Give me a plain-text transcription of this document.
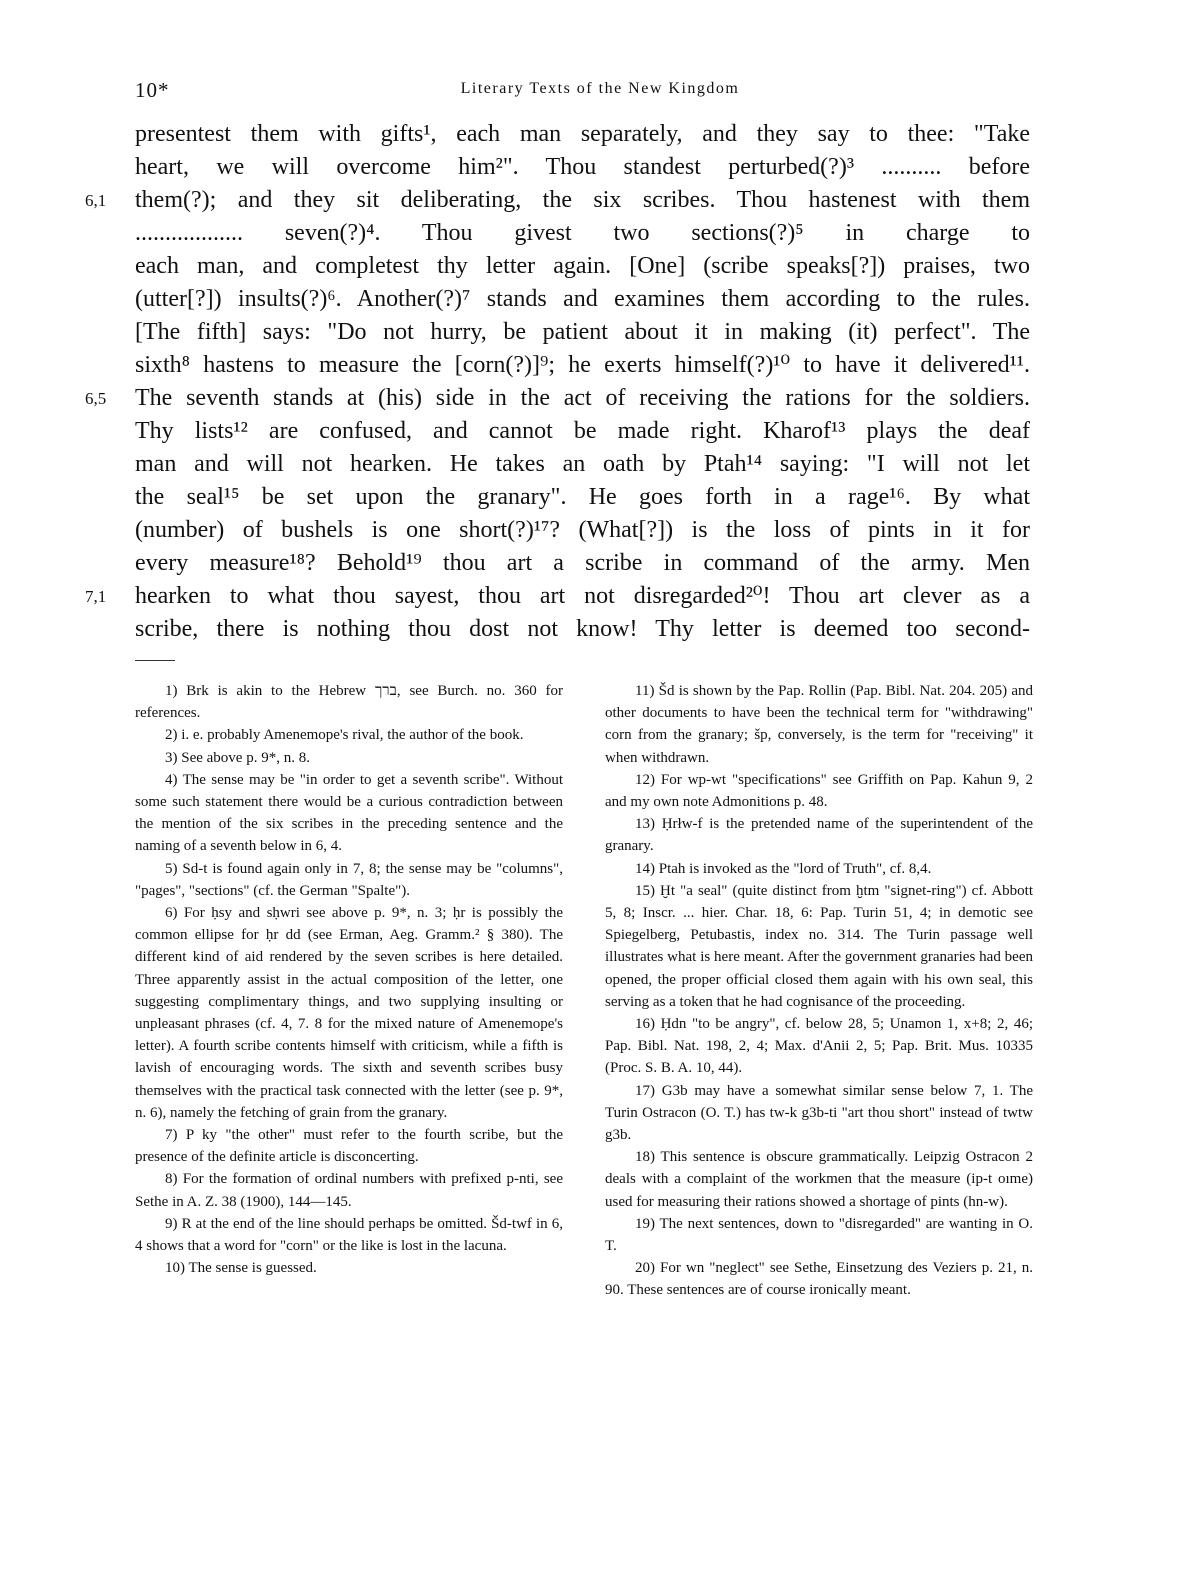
10*	Literary Texts of the New Kingdom
presentest them with gifts¹, each man separately, and they say to thee: "Take
heart, we will overcome him²". Thou standest perturbed(?)³ .......... before
6,1 them(?); and they sit deliberating, the six scribes. Thou hastenest with them
.................. seven(?)⁴. Thou givest two sections(?)⁵ in charge to
each man, and completest thy letter again. [One] (scribe speaks[?]) praises, two
(utter[?]) insults(?)⁶. Another(?)⁷ stands and examines them according to the rules.
[The fifth] says: "Do not hurry, be patient about it in making (it) perfect". The
sixth⁸ hastens to measure the [corn(?)]⁹; he exerts himself(?)¹⁰ to have it delivered¹¹.
6,5 The seventh stands at (his) side in the act of receiving the rations for the soldiers.
Thy lists¹² are confused, and cannot be made right. Kharof¹³ plays the deaf
man and will not hearken. He takes an oath by Ptah¹⁴ saying: "I will not let
the seal¹⁵ be set upon the granary". He goes forth in a rage¹⁶. By what
(number) of bushels is one short(?)¹⁷? (What[?]) is the loss of pints in it for
every measure¹⁸? Behold¹⁹ thou art a scribe in command of the army. Men
7,1 hearken to what thou sayest, thou art not disregarded²⁰! Thou art clever as a
scribe, there is nothing thou dost not know! Thy letter is deemed too second-

1) Brk is akin to the Hebrew ברך, see Burch. no. 360 for references.

2) i. e. probably Amenemope's rival, the author of the book.

3) See above p. 9*, n. 8.

4) The sense may be "in order to get a seventh scribe". Without some such statement there would be a curious contradiction between the mention of the six scribes in the preceding sentence and the naming of a seventh below in 6, 4.

5) Sd-t is found again only in 7, 8; the sense may be "columns", "pages", "sections" (cf. the German "Spalte").

6) For ḥsy and sḥwri see above p. 9*, n. 3; ḥr is possibly the common ellipse for ḥr dd (see Erman, Aeg. Gramm.² § 380). The different kind of aid rendered by the seven scribes is here detailed. Three apparently assist in the actual composition of the letter, one suggesting complimentary things, and two supplying insulting or unpleasant phrases (cf. 4, 7. 8 for the mixed nature of Amenemope's letter). A fourth scribe contents himself with criticism, while a fifth is lavish of encouraging words. The sixth and seventh scribes busy themselves with the practical task connected with the letter (see p. 9*, n. 6), namely the fetching of grain from the granary.

7) P ky "the other" must refer to the fourth scribe, but the presence of the definite article is disconcerting.

8) For the formation of ordinal numbers with prefixed p-nti, see Sethe in A. Z. 38 (1900), 144—145.

9) R at the end of the line should perhaps be omitted. Šd-twf in 6, 4 shows that a word for "corn" or the like is lost in the lacuna.

10) The sense is guessed.

11) Šd is shown by the Pap. Rollin (Pap. Bibl. Nat. 204. 205) and other documents to have been the technical term for "withdrawing" corn from the granary; šp, conversely, is the term for "receiving" it when withdrawn.

12) For wp-wt "specifications" see Griffith on Pap. Kahun 9, 2 and my own note Admonitions p. 48.

13) Ḥrłw-f is the pretended name of the superintendent of the granary.

14) Ptah is invoked as the "lord of Truth", cf. 8,4.

15) Ḫt "a seal" (quite distinct from ḫtm "signet-ring") cf. Abbott 5, 8; Inscr. ... hier. Char. 18, 6: Pap. Turin 51, 4; in demotic see Spiegelberg, Petubastis, index no. 314. The Turin passage well illustrates what is here meant. After the government granaries had been opened, the proper official closed them again with his own seal, this serving as a token that he had cognisance of the proceeding.

16) Ḥdn "to be angry", cf. below 28, 5; Unamon 1, x+8; 2, 46; Pap. Bibl. Nat. 198, 2, 4; Max. d'Anii 2, 5; Pap. Brit. Mus. 10335 (Proc. S. B. A. 10, 44).

17) G3b may have a somewhat similar sense below 7, 1. The Turin Ostracon (O. T.) has tw-k g3b-ti "art thou short" instead of twtw g3b.

18) This sentence is obscure grammatically. Leipzig Ostracon 2 deals with a complaint of the workmen that the measure (ip-t oıme) used for measuring their rations showed a shortage of pints (hn-w).

19) The next sentences, down to "disregarded" are wanting in O. T.

20) For wn "neglect" see Sethe, Einsetzung des Veziers p. 21, n. 90. These sentences are of course ironically meant.
